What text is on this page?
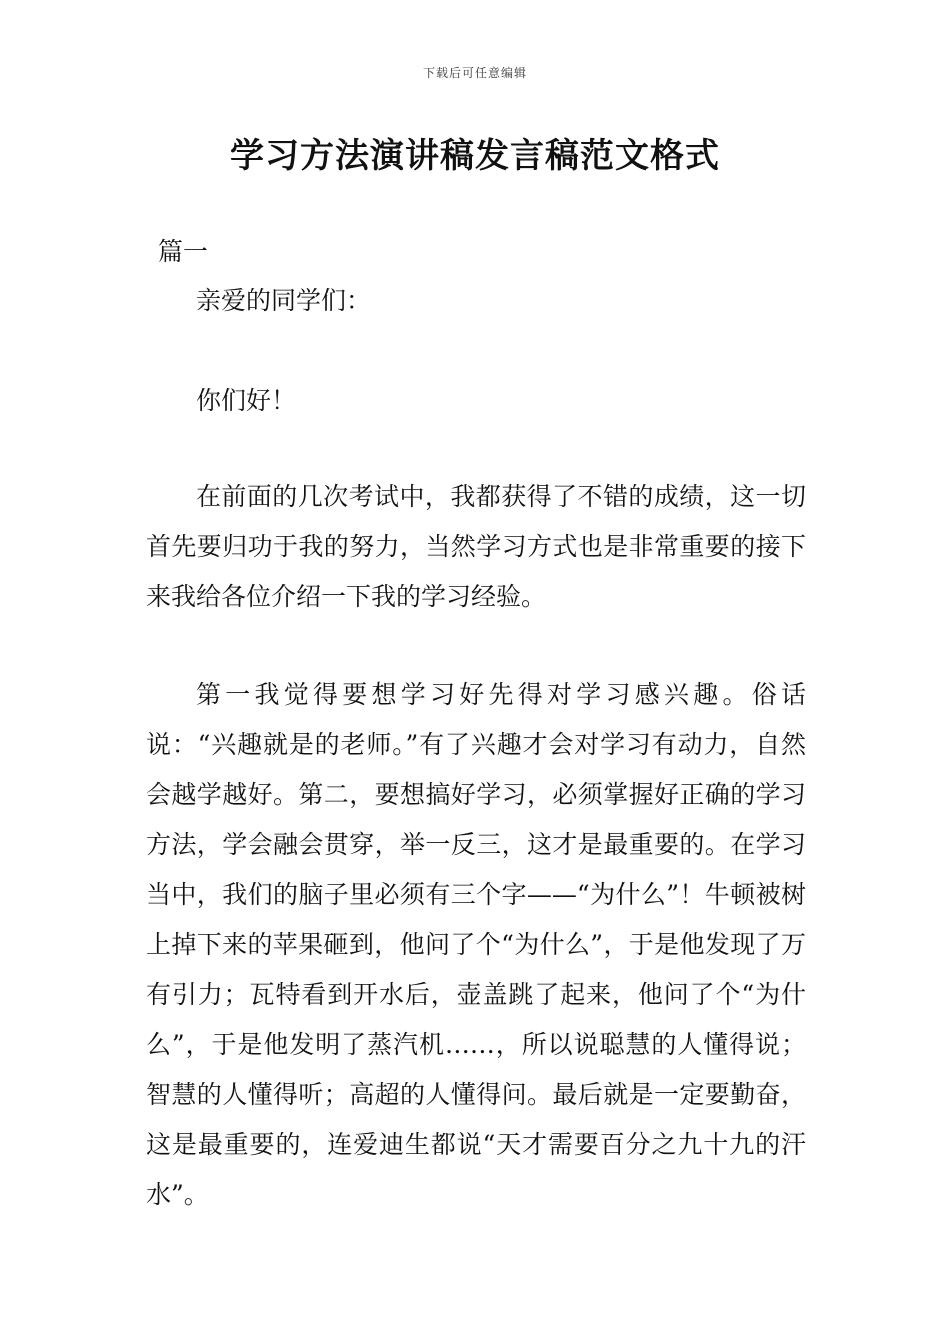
下载后可任意编辑
学习方法演讲稿发言稿范文格式
篇一

亲爱的同学们：

你们好！

在前面的几次考试中，我都获得了不错的成绩，这一切首先要归功于我的努力，当然学习方式也是非常重要的接下来我给各位介绍一下我的学习经验。

第一我觉得要想学习好先得对学习感兴趣。俗话说：“兴趣就是的老师。”有了兴趣才会对学习有动力，自然会越学越好。第二，要想搞好学习，必须掌握好正确的学习方法，学会融会贯穿，举一反三，这才是最重要的。在学习当中，我们的脑子里必须有三个字——“为什么”！牛顿被树上掉下来的苹果砸到，他问了个“为什么”，于是他发现了万有引力；瓦特看到开水后，壶盖跳了起来，他问了个“为什么”，于是他发明了蒸汽机……，所以说聪慧的人懂得说；智慧的人懂得听；高超的人懂得问。最后就是一定要勤奋，这是最重要的，连爱迪生都说“天才需要百分之九十九的汗水”。
